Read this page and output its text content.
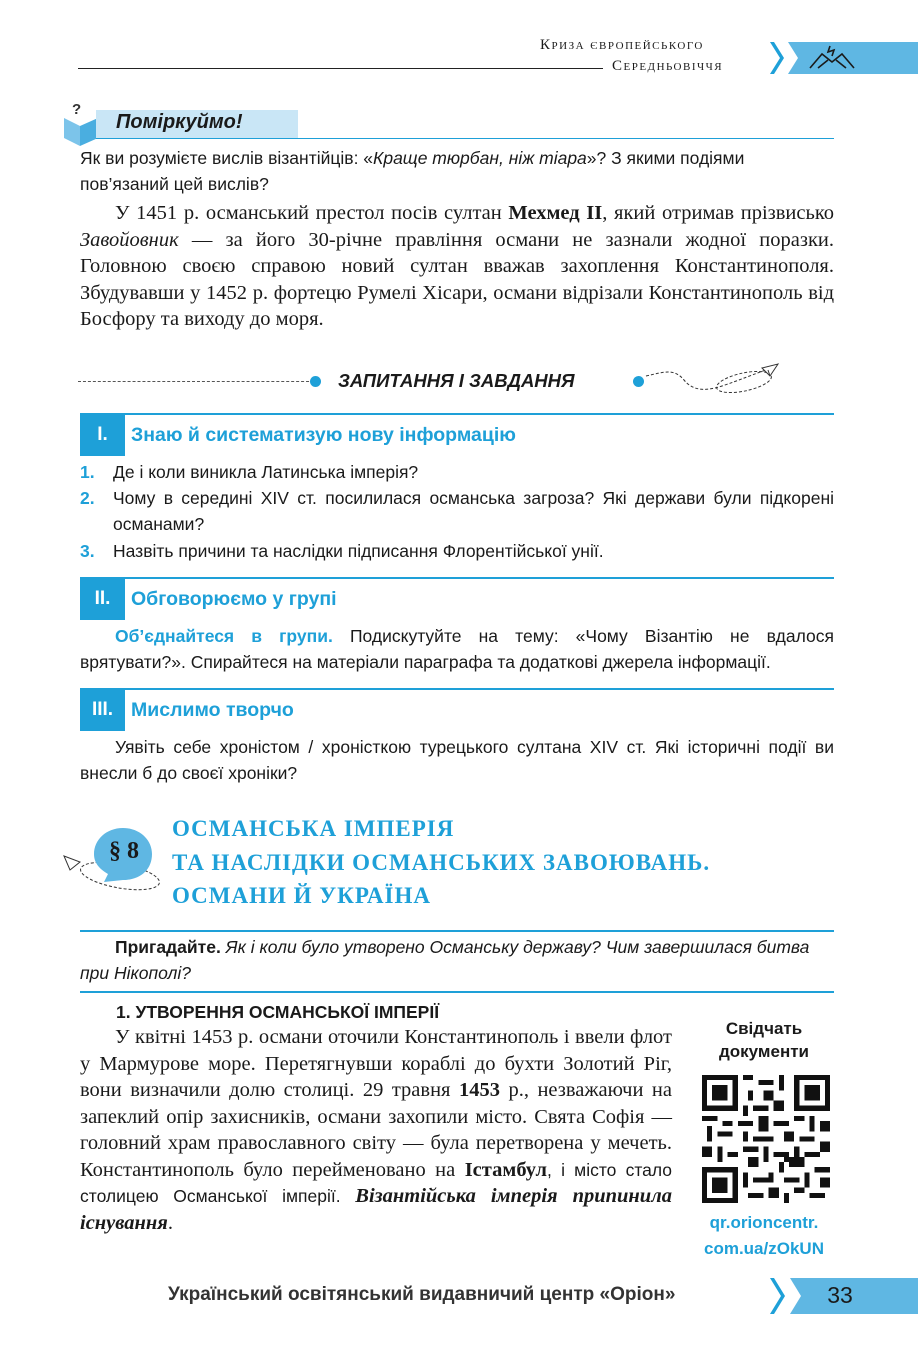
Криза європейського
Середньовіччя
?
Поміркуймо!
Як ви розумієте вислів візантійців: «Краще тюрбан, ніж тіара»? З якими подіями пов’язаний цей вислів?
У 1451 р. османський престол посів султан Мехмед II, який отримав прізвисько Завойовник — за його 30-річне правління османи не зазнали жодної поразки. Головною своєю справою новий султан вважав захоплення Константинополя. Збудувавши у 1452 р. фортецю Румелі Хісари, османи відрізали Константинополь від Босфору та виходу до моря.
ЗАПИТАННЯ І ЗАВДАННЯ
I.	Знаю й систематизую нову інформацію
1. Де і коли виникла Латинська імперія?
2. Чому в середині XIV ст. посилилася османська загроза? Які держави були підкорені османами?
3. Назвіть причини та наслідки підписання Флорентійської унії.
II.	Обговорюємо у групі
Об’єднайтеся в групи. Подискутуйте на тему: «Чому Візантію не вдалося врятувати?». Спирайтеся на матеріали параграфа та додаткові джерела інформації.
III. Мислимо творчо
Уявіть себе хроністом / хроністкою турецького султана XIV ст. Які історичні події ви внесли б до своєї хроніки?
§ 8
ОСМАНСЬКА ІМПЕРІЯ
ТА НАСЛІДКИ ОСМАНСЬКИХ ЗАВОЮВАНЬ.
ОСМАНИ Й УКРАЇНА
Пригадайте. Як і коли було утворено Османську державу? Чим завершилася битва при Нікополі?
1. УТВОРЕННЯ ОСМАНСЬКОЇ ІМПЕРІЇ
У квітні 1453 р. османи оточили Константинополь і ввели флот у Мармурове море. Перетягнувши кораблі до бухти Золотий Ріг, вони визначили долю столиці. 29 травня 1453 р., незважаючи на запеклий опір захисників, османи захопили місто. Свята Софія — головний храм православного світу — була перетворена у мечеть. Константинополь було перейменовано на Істамбул, і місто стало столицею Османської імперії. Візантійська імперія припинила існування.
Свідчать
документи
qr.orioncentr.
com.ua/zOkUN
Український освітянський видавничий центр «Оріон»	33
